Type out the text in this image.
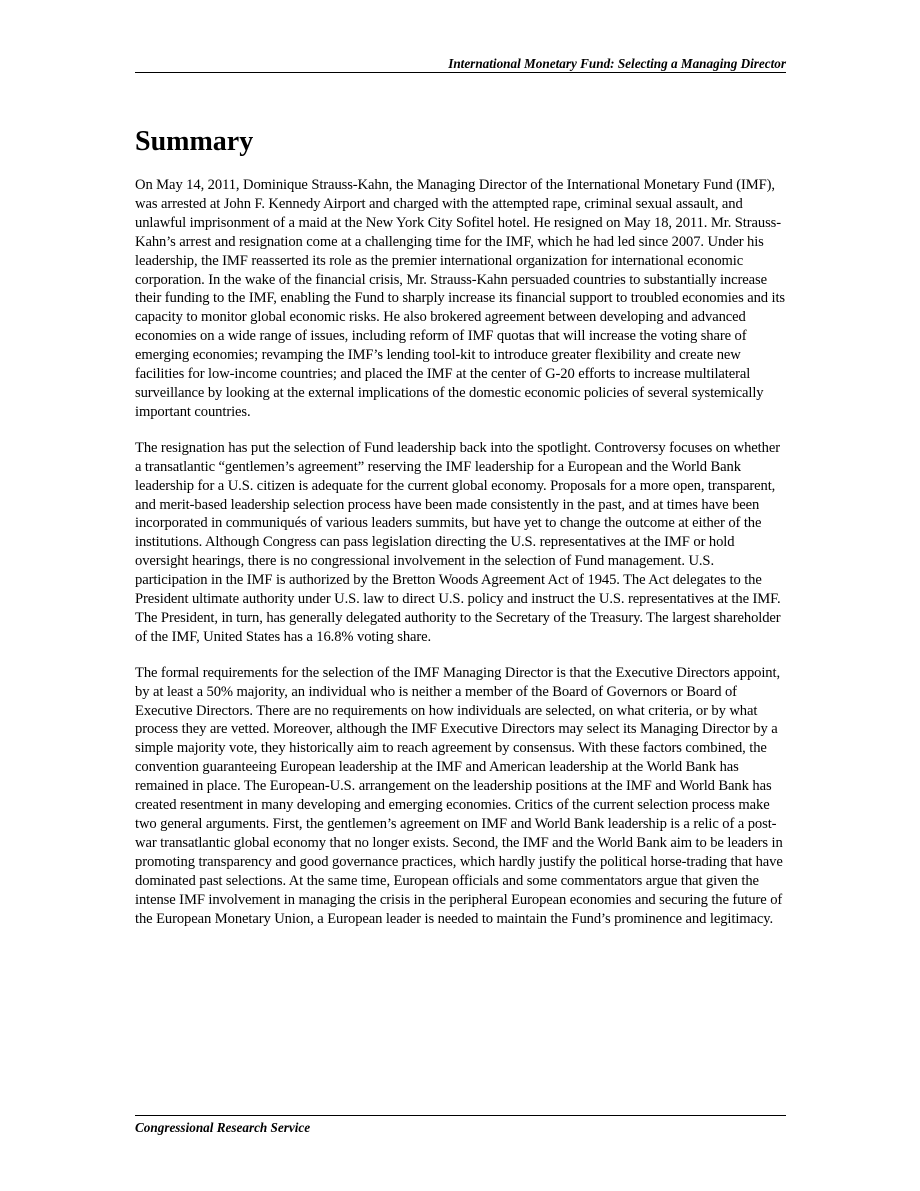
International Monetary Fund: Selecting a Managing Director
Summary

On May 14, 2011, Dominique Strauss-Kahn, the Managing Director of the International Monetary Fund (IMF), was arrested at John F. Kennedy Airport and charged with the attempted rape, criminal sexual assault, and unlawful imprisonment of a maid at the New York City Sofitel hotel. He resigned on May 18, 2011. Mr. Strauss-Kahn’s arrest and resignation come at a challenging time for the IMF, which he had led since 2007. Under his leadership, the IMF reasserted its role as the premier international organization for international economic corporation. In the wake of the financial crisis, Mr. Strauss-Kahn persuaded countries to substantially increase their funding to the IMF, enabling the Fund to sharply increase its financial support to troubled economies and its capacity to monitor global economic risks. He also brokered agreement between developing and advanced economies on a wide range of issues, including reform of IMF quotas that will increase the voting share of emerging economies; revamping the IMF’s lending tool-kit to introduce greater flexibility and create new facilities for low-income countries; and placed the IMF at the center of G-20 efforts to increase multilateral surveillance by looking at the external implications of the domestic economic policies of several systemically important countries.

The resignation has put the selection of Fund leadership back into the spotlight. Controversy focuses on whether a transatlantic “gentlemen’s agreement” reserving the IMF leadership for a European and the World Bank leadership for a U.S. citizen is adequate for the current global economy. Proposals for a more open, transparent, and merit-based leadership selection process have been made consistently in the past, and at times have been incorporated in communiqués of various leaders summits, but have yet to change the outcome at either of the institutions. Although Congress can pass legislation directing the U.S. representatives at the IMF or hold oversight hearings, there is no congressional involvement in the selection of Fund management. U.S. participation in the IMF is authorized by the Bretton Woods Agreement Act of 1945. The Act delegates to the President ultimate authority under U.S. law to direct U.S. policy and instruct the U.S. representatives at the IMF. The President, in turn, has generally delegated authority to the Secretary of the Treasury. The largest shareholder of the IMF, United States has a 16.8% voting share.

The formal requirements for the selection of the IMF Managing Director is that the Executive Directors appoint, by at least a 50% majority, an individual who is neither a member of the Board of Governors or Board of Executive Directors. There are no requirements on how individuals are selected, on what criteria, or by what process they are vetted. Moreover, although the IMF Executive Directors may select its Managing Director by a simple majority vote, they historically aim to reach agreement by consensus. With these factors combined, the convention guaranteeing European leadership at the IMF and American leadership at the World Bank has remained in place. The European-U.S. arrangement on the leadership positions at the IMF and World Bank has created resentment in many developing and emerging economies. Critics of the current selection process make two general arguments. First, the gentlemen’s agreement on IMF and World Bank leadership is a relic of a post-war transatlantic global economy that no longer exists. Second, the IMF and the World Bank aim to be leaders in promoting transparency and good governance practices, which hardly justify the political horse-trading that have dominated past selections. At the same time, European officials and some commentators argue that given the intense IMF involvement in managing the crisis in the peripheral European economies and securing the future of the European Monetary Union, a European leader is needed to maintain the Fund’s prominence and legitimacy.

Congressional Research Service
